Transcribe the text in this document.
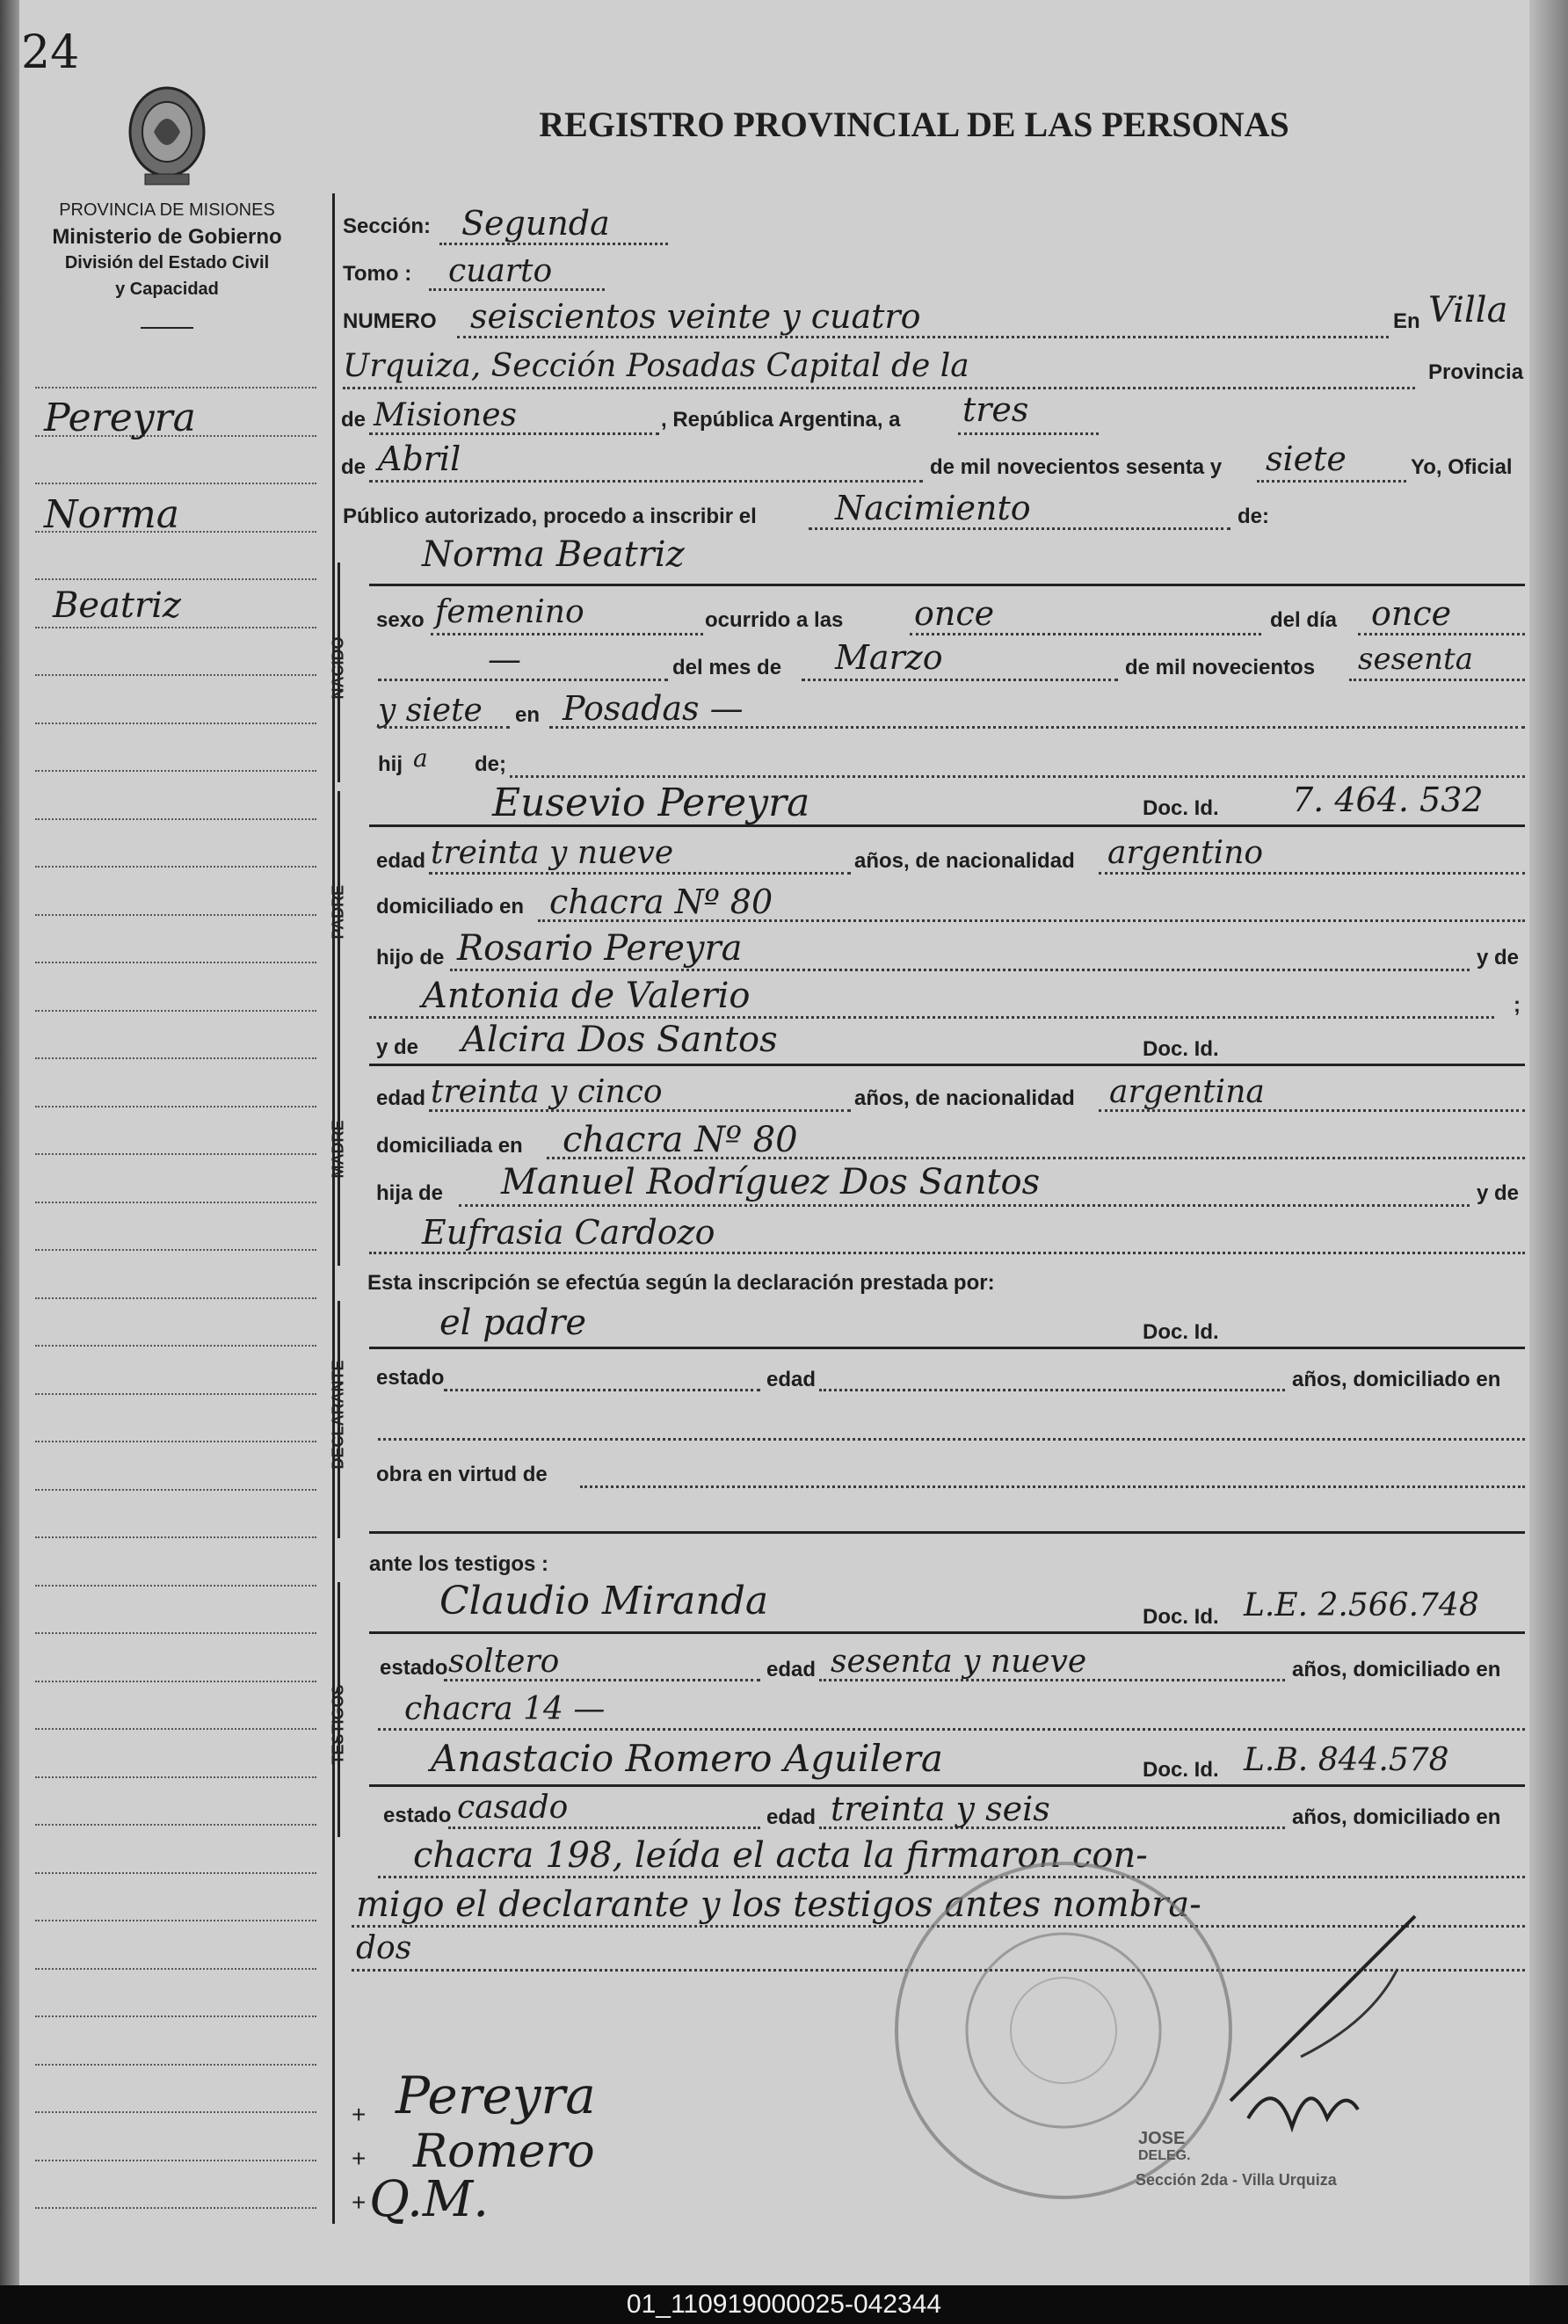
24
PROVINCIA DE MISIONES
Ministerio de Gobierno
División del Estado Civil
y Capacidad
REGISTRO PROVINCIAL DE LAS PERSONAS
Pereyra
Norma
Beatriz
Pereyra
Romero
Q.M.
Sección: Segunda
Tomo : cuarto
NUMERO seiscientos veinte y cuatro	En Villa
Urquiza, Sección Posadas Capital de la	Provincia
de Misiones	, República Argentina, a tres
de Abril	de mil novecientos sesenta y siete	Yo, Oficial
Público autorizado, procedo a inscribir el Nacimiento	de:
NACIDO
Norma Beatriz
sexo femenino	ocurrido a las once	del día once
—	del mes de Marzo	de mil novecientos sesenta
y siete en Posadas —
hij a de;
PADRE
Eusevio Pereyra	Doc. Id. 7. 464. 532
edad treinta y nueve	años, de nacionalidad argentino
domiciliado en chacra Nº 80
hijo de Rosario Pereyra	y de
Antonia de Valerio	;
MADRE
y de Alcira Dos Santos	Doc. Id.
edad treinta y cinco	años, de nacionalidad argentina
domiciliada en chacra Nº 80
hija de Manuel Rodríguez Dos Santos	y de
Eufrasia Cardozo
Esta inscripción se efectúa según la declaración prestada por:
DECLARANTE
el padre	Doc. Id.
estado	edad	años, domiciliado en
obra en virtud de
ante los testigos :
TESTIGOS
Claudio Miranda	Doc. Id. L.E. 2.566.748
estado soltero	edad sesenta y nueve	años, domiciliado en
chacra 14 —
Anastacio Romero Aguilera	Doc. Id. L.B. 844.578
estado casado	edad treinta y seis	años, domiciliado en
chacra 198, leída el acta la firmaron con-
migo el declarante y los testigos antes nombra-
dos
JOSE
DELEG.
Sección 2da - Villa Urquiza
+
+
+
01_110919000025-042344
